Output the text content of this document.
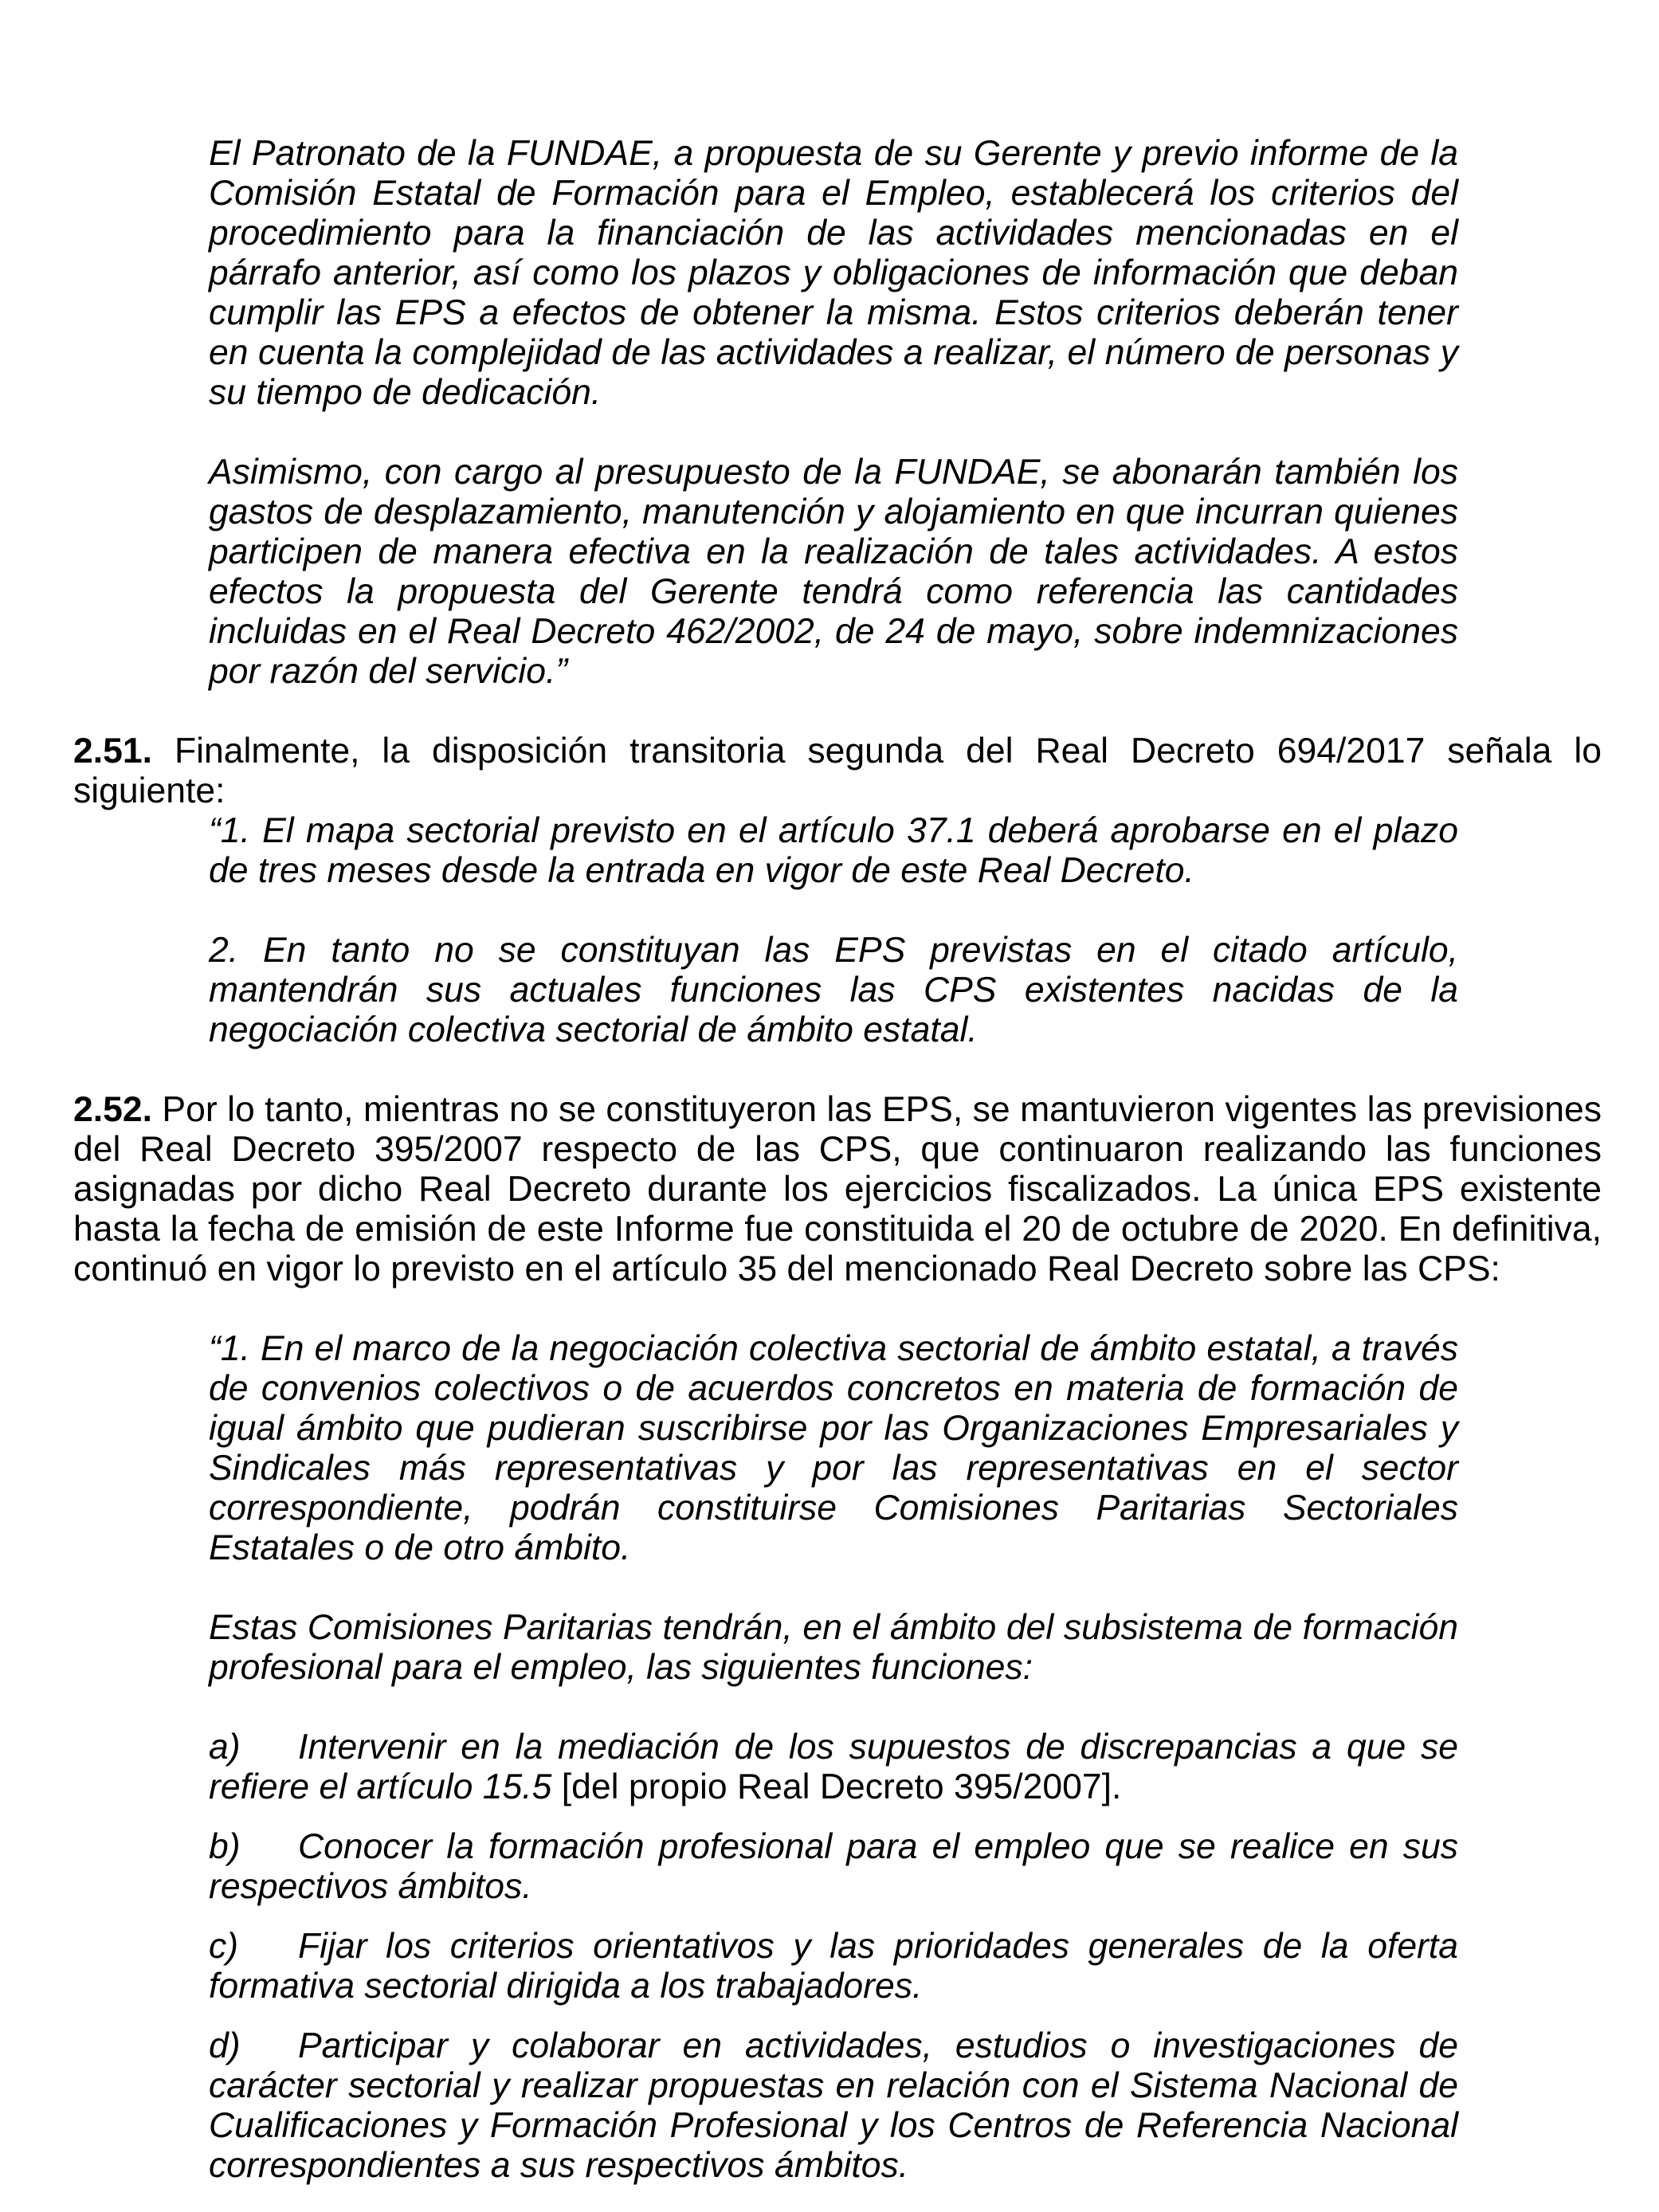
El Patronato de la FUNDAE, a propuesta de su Gerente y previo informe de la Comisión Estatal de Formación para el Empleo, establecerá los criterios del procedimiento para la financiación de las actividades mencionadas en el párrafo anterior, así como los plazos y obligaciones de información que deban cumplir las EPS a efectos de obtener la misma. Estos criterios deberán tener en cuenta la complejidad de las actividades a realizar, el número de personas y su tiempo de dedicación.

Asimismo, con cargo al presupuesto de la FUNDAE, se abonarán también los gastos de desplazamiento, manutención y alojamiento en que incurran quienes participen de manera efectiva en la realización de tales actividades. A estos efectos la propuesta del Gerente tendrá como referencia las cantidades incluidas en el Real Decreto 462/2002, de 24 de mayo, sobre indemnizaciones por razón del servicio.”

2.51. Finalmente, la disposición transitoria segunda del Real Decreto 694/2017 señala lo siguiente:

“1. El mapa sectorial previsto en el artículo 37.1 deberá aprobarse en el plazo de tres meses desde la entrada en vigor de este Real Decreto.

2. En tanto no se constituyan las EPS previstas en el citado artículo, mantendrán sus actuales funciones las CPS existentes nacidas de la negociación colectiva sectorial de ámbito estatal.

2.52. Por lo tanto, mientras no se constituyeron las EPS, se mantuvieron vigentes las previsiones del Real Decreto 395/2007 respecto de las CPS, que continuaron realizando las funciones asignadas por dicho Real Decreto durante los ejercicios fiscalizados. La única EPS existente hasta la fecha de emisión de este Informe fue constituida el 20 de octubre de 2020. En definitiva, continuó en vigor lo previsto en el artículo 35 del mencionado Real Decreto sobre las CPS:

“1. En el marco de la negociación colectiva sectorial de ámbito estatal, a través de convenios colectivos o de acuerdos concretos en materia de formación de igual ámbito que pudieran suscribirse por las Organizaciones Empresariales y Sindicales más representativas y por las representativas en el sector correspondiente, podrán constituirse Comisiones Paritarias Sectoriales Estatales o de otro ámbito.

Estas Comisiones Paritarias tendrán, en el ámbito del subsistema de formación profesional para el empleo, las siguientes funciones:

a) Intervenir en la mediación de los supuestos de discrepancias a que se refiere el artículo 15.5 [del propio Real Decreto 395/2007].

b) Conocer la formación profesional para el empleo que se realice en sus respectivos ámbitos.

c) Fijar los criterios orientativos y las prioridades generales de la oferta formativa sectorial dirigida a los trabajadores.

d) Participar y colaborar en actividades, estudios o investigaciones de carácter sectorial y realizar propuestas en relación con el Sistema Nacional de Cualificaciones y Formación Profesional y los Centros de Referencia Nacional correspondientes a sus respectivos ámbitos.
